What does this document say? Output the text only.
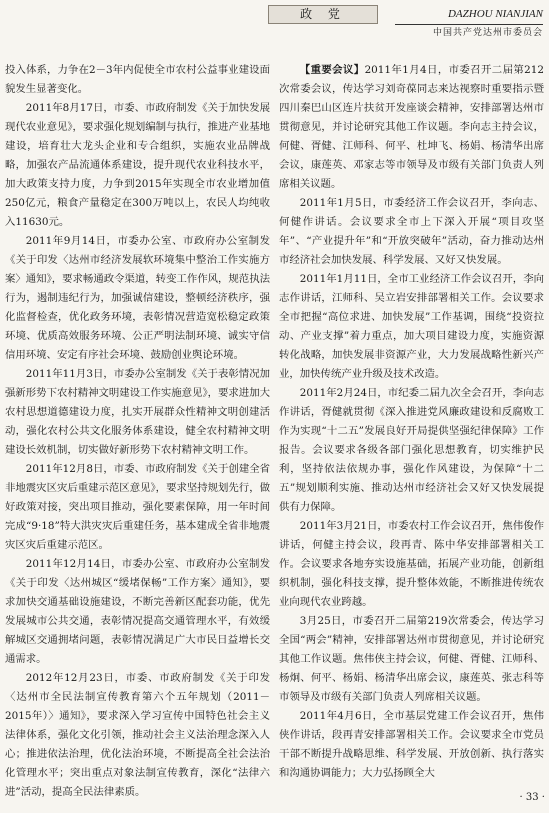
政 党	DAZHOU NIANJIAN
中国共产党达州市委员会

投入体系，力争在2－3年内促使全市农村公益事业建设面貌发生显著变化。

2011年8月17日，市委、市政府制发《关于加快发展现代农业意见》，要求强化规划编制与执行，推进产业基地建设，培育壮大龙头企业和专合组织，实施农业品牌战略，加强农产品流通体系建设，提升现代农业科技水平，加大政策支持力度，力争到2015年实现全市农业增加值250亿元，粮食产量稳定在300万吨以上，农民人均纯收入11630元。

2011年9月14日，市委办公室、市政府办公室制发《关于印发〈达州市经济发展软环境集中整治工作实施方案〉通知》，要求畅通政令渠道，转变工作作风，规范执法行为，遏制违纪行为，加强诚信建设，整顿经济秩序，强化监督检查，优化政务环境，表彰情况营造宽松稳定政策环境、优质高效服务环境、公正严明法制环境、诚实守信信用环境、安定有序社会环境、鼓励创业舆论环境。

2011年11月3日，市委办公室制发《关于表彰情况加强新形势下农村精神文明建设工作实施意见》，要求进加大农村思想道德建设力度，扎实开展群众性精神文明创建活动，强化农村公共文化服务体系建设，健全农村精神文明建设长效机制，切实做好新形势下农村精神文明工作。

2011年12月8日，市委、市政府制发《关于创建全省非地震灾区灾后重建示范区意见》，要求坚持规划先行，做好政策对接，突出项目推动，强化要素保障，用一年时间完成“9·18”特大洪灾灾后重建任务，基本建成全省非地震灾区灾后重建示范区。

2011年12月14日，市委办公室、市政府办公室制发《关于印发〈达州城区“缓堵保畅”工作方案〉通知》，要求加快交通基础设施建设，不断完善新区配套功能，优先发展城市公共交通，表彰情况提高交通管理水平，有效缓解城区交通拥堵问题，表彰情况满足广大市民日益增长交通需求。

2012年12月23日，市委、市政府制发《关于印发〈达州市全民法制宣传教育第六个五年规划（2011－2015年）〉通知》，要求深入学习宣传中国特色社会主义法律体系，强化文化引领，推动社会主义法治理念深入人心；推进依法治理，优化法治环境，不断提高全社会法治化管理水平；突出重点对象法制宣传教育，深化“法律六进”活动，提高全民法律素质。

【重要会议】2011年1月4日，市委召开二届第212次常委会议，传达学习刘奇葆同志来达视察时重要指示暨四川秦巴山区连片扶贫开发座谈会精神，安排部署达州市贯彻意见，并讨论研究其他工作议题。李向志主持会议，何健、胥健、江师科、何平、杜坤飞、杨娟、杨清华出席会议，康莲英、邓家志等市领导及市级有关部门负责人列席相关议题。

2011年1月5日，市委经济工作会议召开，李向志、何健作讲话。会议要求全市上下深入开展“项目攻坚年”、“产业提升年”和“开放突破年”活动，奋力推动达州市经济社会加快发展、科学发展、又好又快发展。

2011年1月11日，全市工业经济工作会议召开，李向志作讲话，江师科、吴立岩安排部署相关工作。会议要求全市把握“高位求进、加快发展”工作基调，围绕“投资拉动、产业支撑”着力重点，加大项目建设力度，实施资源转化战略，加快发展非资源产业，大力发展战略性新兴产业，加快传统产业升级及技术改造。

2011年2月24日，市纪委二届九次全会召开，李向志作讲话，胥健就贯彻《深入推进党风廉政建设和反腐败工作为实现“十二五”发展良好开局提供坚强纪律保障》工作报告。会议要求各级各部门强化思想教育，切实维护民利，坚持依法依规办事，强化作风建设，为保障“十二五”规划顺利实施、推动达州市经济社会又好又快发展提供有力保障。

2011年3月21日，市委农村工作会议召开，焦伟俊作讲话，何健主持会议，段再青、陈中华安排部署相关工作。会议要求各地夯实设施基础，拓展产业功能，创新组织机制，强化科技支撑，提升整体效能，不断推进传统农业向现代农业跨越。

3月25日，市委召开二届第219次常委会，传达学习全国“两会”精神，安排部署达州市贯彻意见，并讨论研究其他工作议题。焦伟侠主持会议，何健、胥健、江师科、杨炯、何平、杨娟、杨清华出席会议，康莲英、张志科等市领导及市级有关部门负责人列席相关议题。

2011年4月6日，全市基层党建工作会议召开，焦伟侠作讲话，段再青安排部署相关工作。会议要求全市党员干部不断提升战略思维、科学发展、开放创新、执行落实和沟通协调能力；大力弘扬顾全大

· 33 ·
